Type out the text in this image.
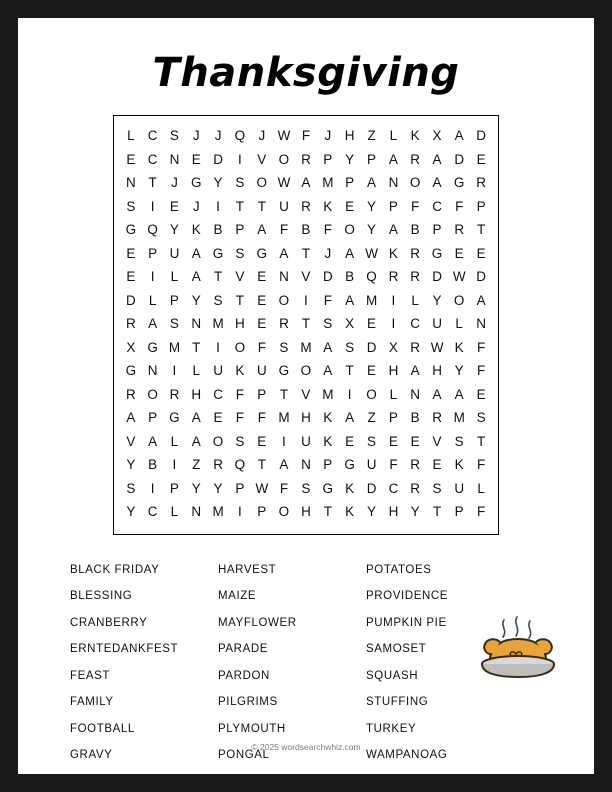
Thanksgiving
L	C	S	J	J	Q	J	W	F	J	H	Z	L	K	X	A	D
E	C	N	E	D	I	V	O	R	P	Y	P	A	R	A	D	E
N	T	J	G	Y	S	O	W	A	M	P	A	N	O	A	G	R
S	I	E	J	I	T	T	U	R	K	E	Y	P	F	C	F	P
G	Q	Y	K	B	P	A	F	B	F	O	Y	A	B	P	R	T
E	P	U	A	G	S	G	A	T	J	A	W	K	R	G	E	E
E	I	L	A	T	V	E	N	V	D	B	Q	R	R	D	W	D
D	L	P	Y	S	T	E	O	I	F	A	M	I	L	Y	O	A
R	A	S	N	M	H	E	R	T	S	X	E	I	C	U	L	N
X	G	M	T	I	O	F	S	M	A	S	D	X	R	W	K	F
G	N	I	L	U	K	U	G	O	A	T	E	H	A	H	Y	F
R	O	R	H	C	F	P	T	V	M	I	O	L	N	A	A	E
A	P	G	A	E	F	F	M	H	K	A	Z	P	B	R	M	S
V	A	L	A	O	S	E	I	U	K	E	S	E	E	V	S	T
Y	B	I	Z	R	Q	T	A	N	P	G	U	F	R	E	K	F
S	I	P	Y	Y	P	W	F	S	G	K	D	C	R	S	U	L
Y	C	L	N	M	I	P	O	H	T	K	Y	H	Y	T	P	F
BLACK FRIDAY
BLESSING
CRANBERRY
ERNTEDANKFEST
FEAST
FAMILY
FOOTBALL
GRAVY
HARVEST
MAIZE
MAYFLOWER
PARADE
PARDON
PILGRIMS
PLYMOUTH
PONGAL
POTATOES
PROVIDENCE
PUMPKIN PIE
SAMOSET
SQUASH
STUFFING
TURKEY
WAMPANOAG
© 2025 wordsearchwhiz.com
